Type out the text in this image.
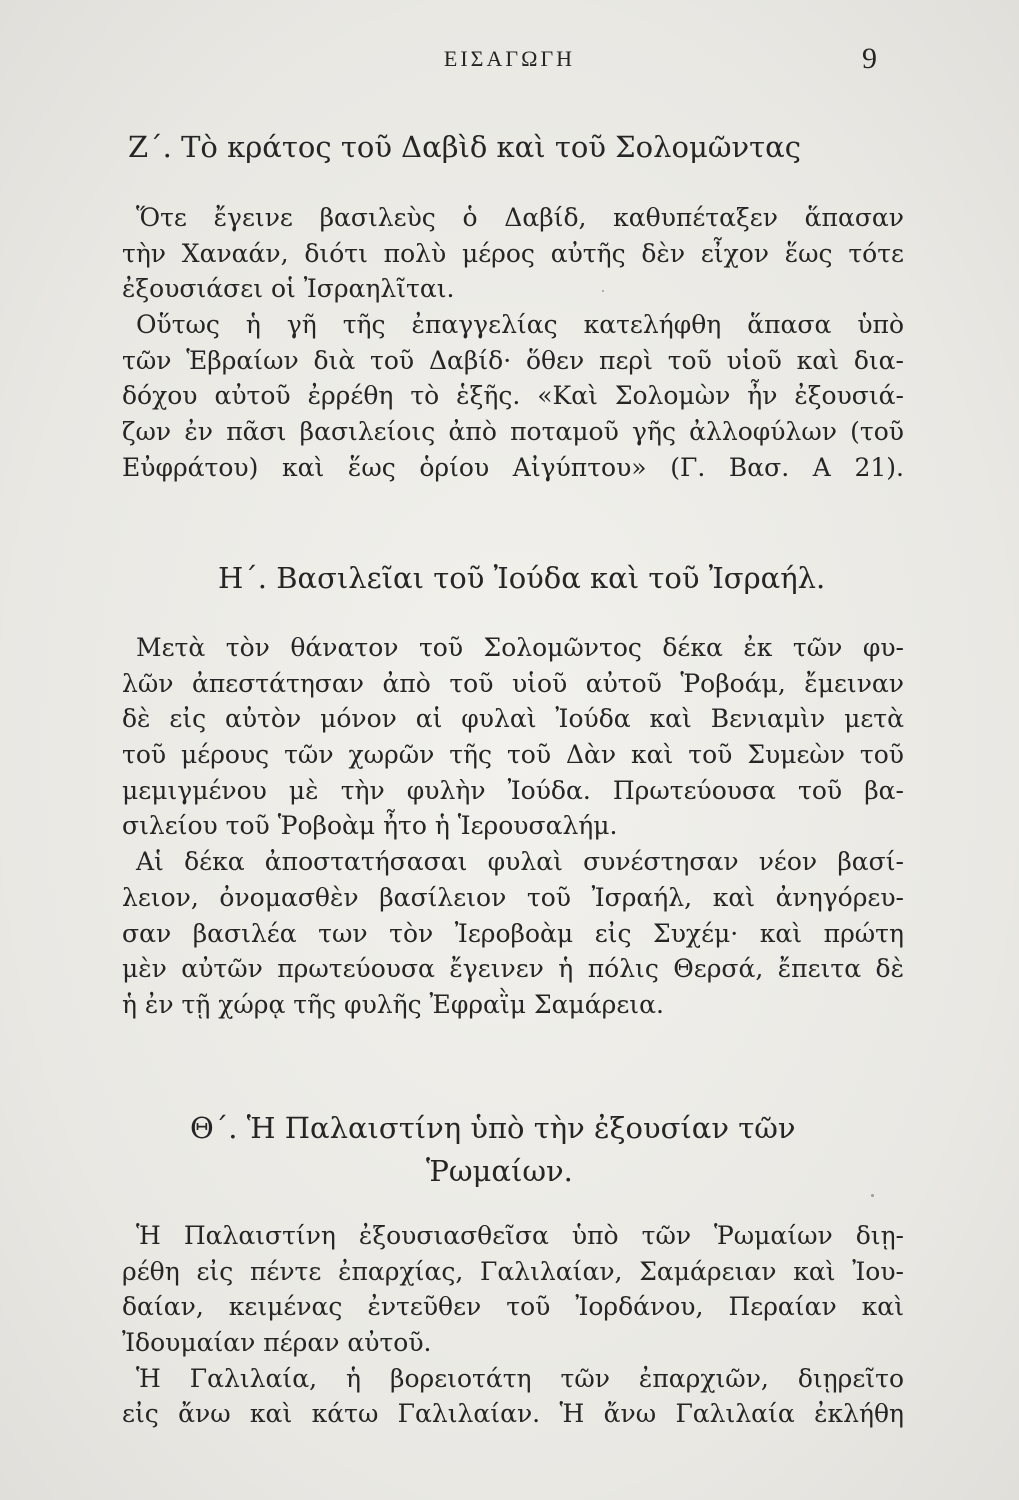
ΕΙΣΑΓΩΓΗ	9
Ζ΄. Τὸ κράτος τοῦ Δαβὶδ καὶ τοῦ Σολομῶντας
Ὅτε ἔγεινε βασιλεὺς ὁ Δαβίδ, καθυπέταξεν ἅπασαν
τὴν Χαναάν, διότι πολὺ μέρος αὐτῆς δὲν εἶχον ἕως τότε
ἐξουσιάσει οἱ Ἰσραηλῖται.
Οὕτως ἡ γῆ τῆς ἐπαγγελίας κατελήφθη ἅπασα ὑπὸ
τῶν Ἑβραίων διὰ τοῦ Δαβίδ· ὅθεν περὶ τοῦ υἱοῦ καὶ δια-
δόχου αὐτοῦ ἐρρέθη τὸ ἑξῆς. «Καὶ Σολομὼν ἦν ἐξουσιά-
ζων ἐν πᾶσι βασιλείοις ἀπὸ ποταμοῦ γῆς ἀλλοφύλων (τοῦ
Εὐφράτου) καὶ ἕως ὁρίου Αἰγύπτου» (Γ. Βασ. Α 21).
Η΄. Βασιλεῖαι τοῦ Ἰούδα καὶ τοῦ Ἰσραήλ.
Μετὰ τὸν θάνατον τοῦ Σολομῶντος δέκα ἐκ τῶν φυ-
λῶν ἀπεστάτησαν ἀπὸ τοῦ υἱοῦ αὐτοῦ Ῥοβοάμ, ἔμειναν
δὲ εἰς αὐτὸν μόνον αἱ φυλαὶ Ἰούδα καὶ Βενιαμὶν μετὰ
τοῦ μέρους τῶν χωρῶν τῆς τοῦ Δὰν καὶ τοῦ Συμεὼν τοῦ
μεμιγμένου μὲ τὴν φυλὴν Ἰούδα. Πρωτεύουσα τοῦ βα-
σιλείου τοῦ Ῥοβοὰμ ἦτο ἡ Ἱερουσαλήμ.
Αἱ δέκα ἀποστατήσασαι φυλαὶ συνέστησαν νέον βασί-
λειον, ὀνομασθὲν βασίλειον τοῦ Ἰσραήλ, καὶ ἀνηγόρευ-
σαν βασιλέα των τὸν Ἰεροβοὰμ εἰς Συχέμ· καὶ πρώτη
μὲν αὐτῶν πρωτεύουσα ἔγεινεν ἡ πόλις Θερσά, ἔπειτα δὲ
ἡ ἐν τῇ χώρᾳ τῆς φυλῆς Ἐφραῒμ Σαμάρεια.
Θ΄. Ἡ Παλαιστίνη ὑπὸ τὴν ἐξουσίαν τῶν
Ῥωμαίων.
Ἡ Παλαιστίνη ἐξουσιασθεῖσα ὑπὸ τῶν Ῥωμαίων διῃ-
ρέθη εἰς πέντε ἐπαρχίας, Γαλιλαίαν, Σαμάρειαν καὶ Ἰου-
δαίαν, κειμένας ἐντεῦθεν τοῦ Ἰορδάνου, Περαίαν καὶ
Ἰδουμαίαν πέραν αὐτοῦ.
Ἡ Γαλιλαία, ἡ βορειοτάτη τῶν ἐπαρχιῶν, διῃρεῖτο
εἰς ἄνω καὶ κάτω Γαλιλαίαν. Ἡ ἄνω Γαλιλαία ἐκλήθη
